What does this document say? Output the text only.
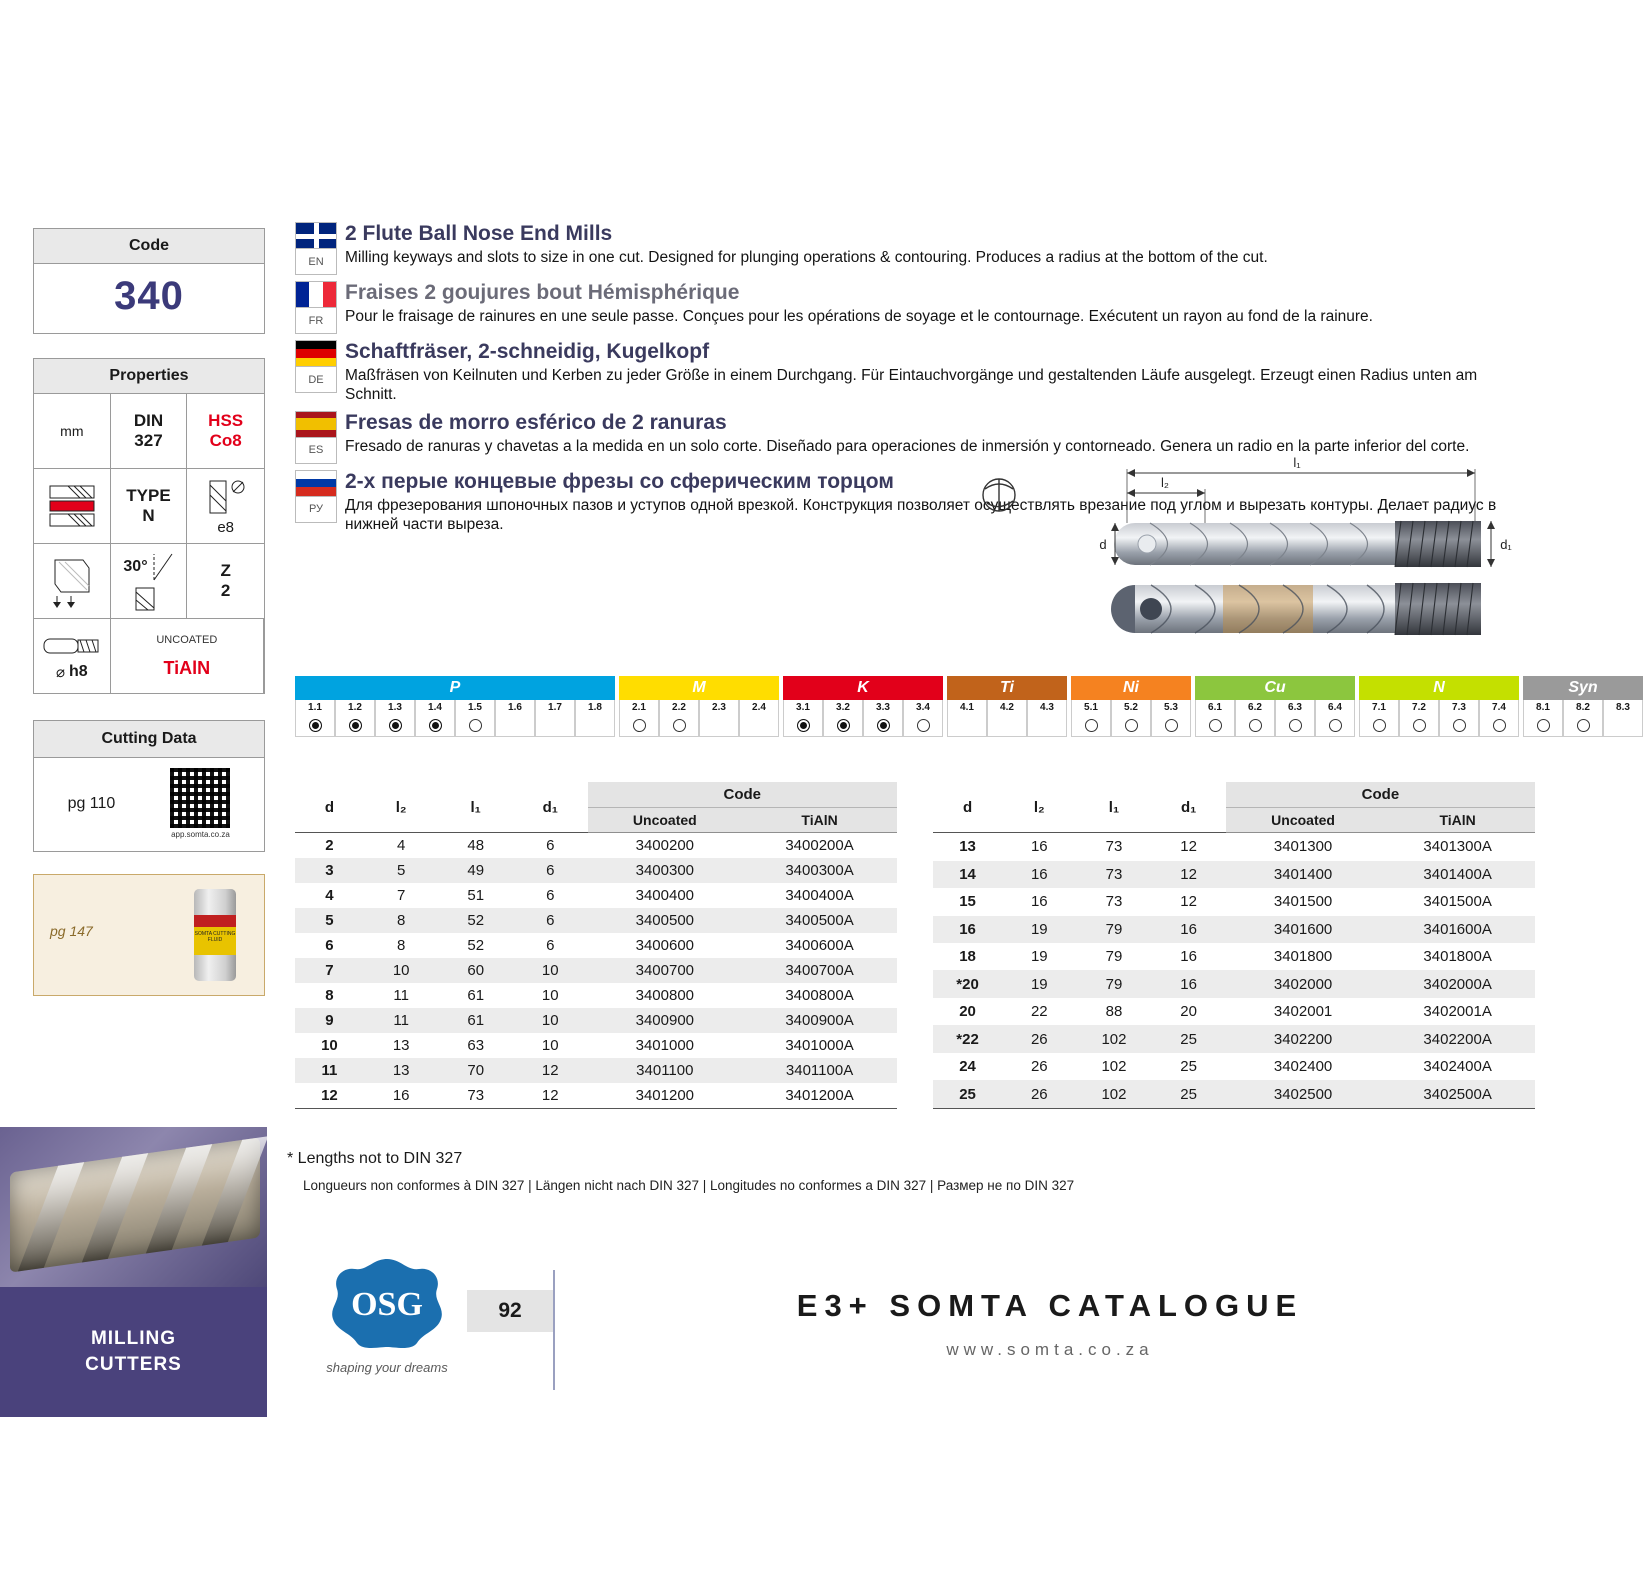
Code
340
Properties
mm
DIN
327
HSS
Co8
TYPE
N
e8
30°	Z
2
⌀ h8
UNCOATED
TiAlN
Cutting Data
pg 110
app.somta.co.za
pg 147	SOMTA CUTTING FLUID
MILLING
CUTTERS
EN
2 Flute Ball Nose End Mills
Milling keyways and slots to size in one cut. Designed for plunging operations & contouring. Produces a radius at the bottom of the cut.
FR
Fraises 2 goujures bout Hémisphérique
Pour le fraisage de rainures en une seule passe. Conçues pour les opérations de soyage et le contournage. Exécutent un rayon au fond de la rainure.
DE
Schaftfräser, 2-schneidig, Kugelkopf
Maßfräsen von Keilnuten und Kerben zu jeder Größe in einem Durchgang. Für Eintauchvorgänge und gestaltenden Läufe ausgelegt. Erzeugt einen Radius unten am Schnitt.
ES
Fresas de morro esférico de 2 ranuras
Fresado de ranuras y chavetas a la medida en un solo corte. Diseñado para operaciones de inmersión y contorneado. Genera un radio en la parte inferior del corte.
РУ
2-х перые концевые фрезы со сферическим торцом
Для фрезерования шпоночных пазов и уступов одной врезкой. Конструкция позволяет осуществлять врезание под углом и вырезать контуры. Делает радиус в нижней части выреза.
l₁
l₂
d	d₁
P
1.1	1.2	1.3	1.4	1.5	1.6	1.7	1.8
M
2.1	2.2	2.3	2.4
K
3.1	3.2	3.3	3.4
Ti
4.1	4.2	4.3
Ni
5.1	5.2	5.3
Cu
6.1	6.2	6.3	6.4
N
7.1	7.2	7.3	7.4
Syn
8.1	8.2	8.3
d	l₂	l₁	d₁	Code	
				Uncoated	TiAlN
2	4	48	6	3400200	3400200A
3	5	49	6	3400300	3400300A
4	7	51	6	3400400	3400400A
5	8	52	6	3400500	3400500A
6	8	52	6	3400600	3400600A
7	10	60	10	3400700	3400700A
8	11	61	10	3400800	3400800A
9	11	61	10	3400900	3400900A
10	13	63	10	3401000	3401000A
11	13	70	12	3401100	3401100A
12	16	73	12	3401200	3401200A
d	l₂	l₁	d₁	Code	
				Uncoated	TiAlN
13	16	73	12	3401300	3401300A
14	16	73	12	3401400	3401400A
15	16	73	12	3401500	3401500A
16	19	79	16	3401600	3401600A
18	19	79	16	3401800	3401800A
*20	19	79	16	3402000	3402000A
20	22	88	20	3402001	3402001A
*22	26	102	25	3402200	3402200A
24	26	102	25	3402400	3402400A
25	26	102	25	3402500	3402500A
* Lengths not to DIN 327
Longueurs non conformes à DIN 327 | Längen nicht nach DIN 327 | Longitudes no conformes a DIN 327 | Размер не по DIN 327
OSG
shaping your dreams
92	E3+ SOMTA CATALOGUE
www.somta.co.za
